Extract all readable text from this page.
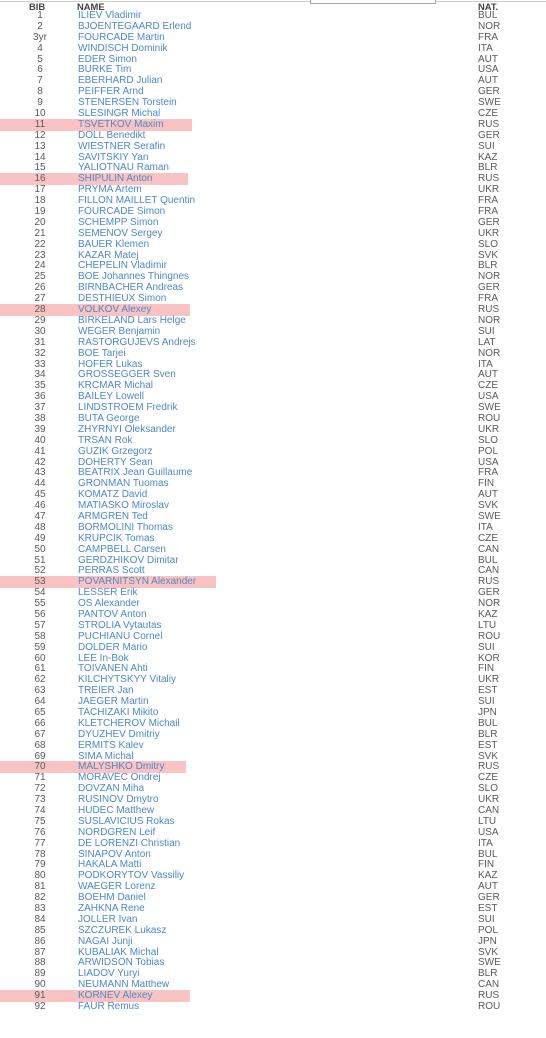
BIB	NAME	NAT.
1	ILIEV Vladimir	BUL
2	BJOENTEGAARD Erlend	NOR
3yr	FOURCADE Martin	FRA
4	WINDISCH Dominik	ITA
5	EDER Simon	AUT
6	BURKE Tim	USA
7	EBERHARD Julian	AUT
8	PEIFFER Arnd	GER
9	STENERSEN Torstein	SWE
10	SLESINGR Michal	CZE
11	TSVETKOV Maxim	RUS
12	DOLL Benedikt	GER
13	WIESTNER Serafin	SUI
14	SAVITSKIY Yan	KAZ
15	YALIOTNAU Raman	BLR
16	SHIPULIN Anton	RUS
17	PRYMA Artem	UKR
18	FILLON MAILLET Quentin	FRA
19	FOURCADE Simon	FRA
20	SCHEMPP Simon	GER
21	SEMENOV Sergey	UKR
22	BAUER Klemen	SLO
23	KAZAR Matej	SVK
24	CHEPELIN Vladimir	BLR
25	BOE Johannes Thingnes	NOR
26	BIRNBACHER Andreas	GER
27	DESTHIEUX Simon	FRA
28	VOLKOV Alexey	RUS
29	BIRKELAND Lars Helge	NOR
30	WEGER Benjamin	SUI
31	RASTORGUJEVS Andrejs	LAT
32	BOE Tarjei	NOR
33	HOFER Lukas	ITA
34	GROSSEGGER Sven	AUT
35	KRCMAR Michal	CZE
36	BAILEY Lowell	USA
37	LINDSTROEM Fredrik	SWE
38	BUTA George	ROU
39	ZHYRNYI Oleksander	UKR
40	TRSAN Rok	SLO
41	GUZIK Grzegorz	POL
42	DOHERTY Sean	USA
43	BEATRIX Jean Guillaume	FRA
44	GRONMAN Tuomas	FIN
45	KOMATZ David	AUT
46	MATIASKO Miroslav	SVK
47	ARMGREN Ted	SWE
48	BORMOLINI Thomas	ITA
49	KRUPCIK Tomas	CZE
50	CAMPBELL Carsen	CAN
51	GERDZHIKOV Dimitar	BUL
52	PERRAS Scott	CAN
53	POVARNITSYN Alexander	RUS
54	LESSER Erik	GER
55	OS Alexander	NOR
56	PANTOV Anton	KAZ
57	STROLIA Vytautas	LTU
58	PUCHIANU Cornel	ROU
59	DOLDER Mario	SUI
60	LEE In-Bok	KOR
61	TOIVANEN Ahti	FIN
62	KILCHYTSKYY Vitaliy	UKR
63	TREIER Jan	EST
64	JAEGER Martin	SUI
65	TACHIZAKI Mikito	JPN
66	KLETCHEROV Michail	BUL
67	DYUZHEV Dmitriy	BLR
68	ERMITS Kalev	EST
69	SIMA Michal	SVK
70	MALYSHKO Dmitry	RUS
71	MORAVEC Ondrej	CZE
72	DOVZAN Miha	SLO
73	RUSINOV Dmytro	UKR
74	HUDEC Matthew	CAN
75	SUSLAVICIUS Rokas	LTU
76	NORDGREN Leif	USA
77	DE LORENZI Christian	ITA
78	SINAPOV Anton	BUL
79	HAKALA Matti	FIN
80	PODKORYTOV Vassiliy	KAZ
81	WAEGER Lorenz	AUT
82	BOEHM Daniel	GER
83	ZAHKNA Rene	EST
84	JOLLER Ivan	SUI
85	SZCZUREK Lukasz	POL
86	NAGAI Junji	JPN
87	KUBALIAK Michal	SVK
88	ARWIDSON Tobias	SWE
89	LIADOV Yuryi	BLR
90	NEUMANN Matthew	CAN
91	KORNEV Alexey	RUS
92	FAUR Remus	ROU
